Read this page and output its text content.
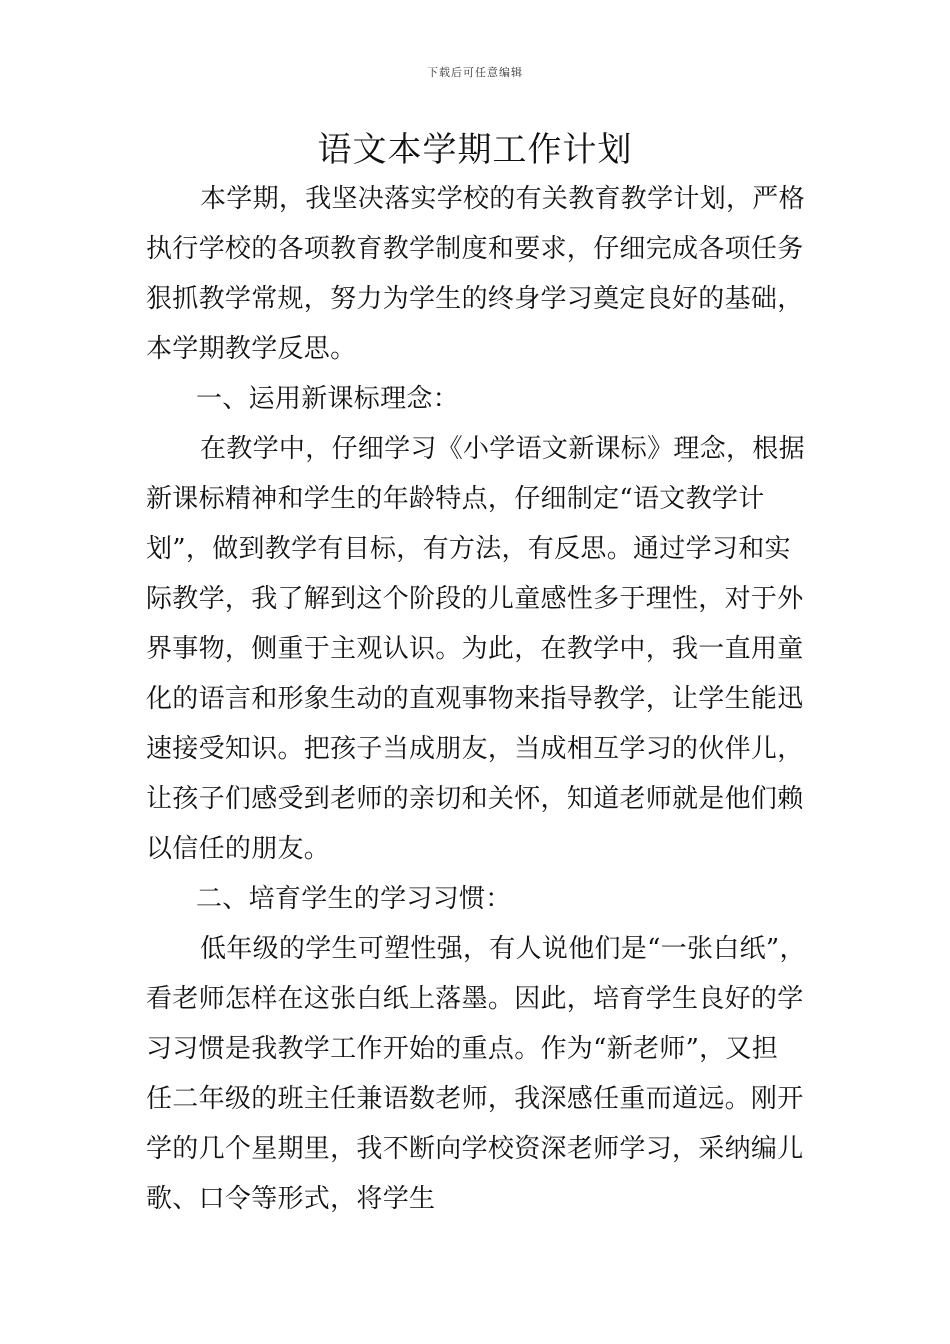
下载后可任意编辑
语文本学期工作计划
本学期，我坚决落实学校的有关教育教学计划，严格
执行学校的各项教育教学制度和要求，仔细完成各项任务
狠抓教学常规，努力为学生的终身学习奠定良好的基础，
本学期教学反思。
一、运用新课标理念：
在教学中，仔细学习《小学语文新课标》理念，根据
新课标精神和学生的年龄特点，仔细制定“语文教学计
划”，做到教学有目标，有方法，有反思。通过学习和实
际教学，我了解到这个阶段的儿童感性多于理性，对于外
界事物，侧重于主观认识。为此，在教学中，我一直用童
化的语言和形象生动的直观事物来指导教学，让学生能迅
速接受知识。把孩子当成朋友，当成相互学习的伙伴儿，
让孩子们感受到老师的亲切和关怀，知道老师就是他们赖
以信任的朋友。
二、培育学生的学习习惯：
低年级的学生可塑性强，有人说他们是“一张白纸”，
看老师怎样在这张白纸上落墨。因此，培育学生良好的学
习习惯是我教学工作开始的重点。作为“新老师”，又担
任二年级的班主任兼语数老师，我深感任重而道远。刚开
学的几个星期里，我不断向学校资深老师学习，采纳编儿
歌、口令等形式，将学生
